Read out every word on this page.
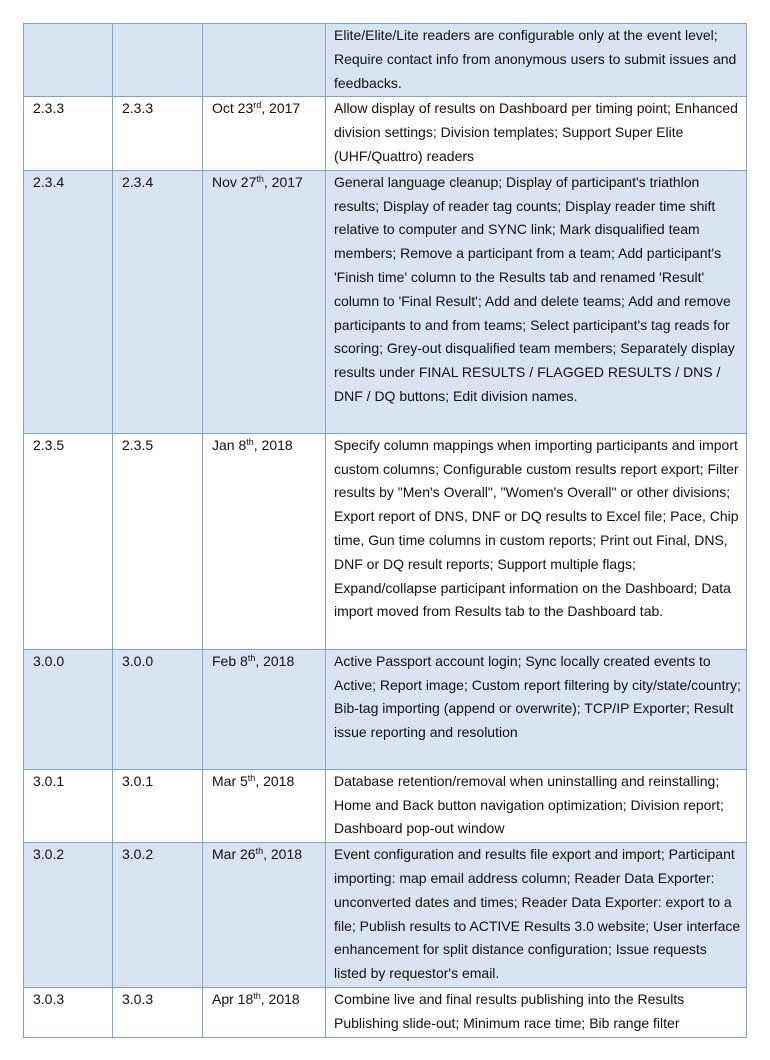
			Elite/Elite/Lite readers are configurable only at the event level; Require contact info from anonymous users to submit issues and feedbacks.
2.3.3	2.3.3	Oct 23rd, 2017	Allow display of results on Dashboard per timing point; Enhanced division settings; Division templates; Support Super Elite (UHF/Quattro) readers
2.3.4	2.3.4	Nov 27th, 2017	General language cleanup; Display of participant's triathlon results; Display of reader tag counts; Display reader time shift relative to computer and SYNC link; Mark disqualified team members; Remove a participant from a team; Add participant's 'Finish time' column to the Results tab and renamed 'Result' column to 'Final Result'; Add and delete teams; Add and remove participants to and from teams; Select participant's tag reads for scoring; Grey-out disqualified team members; Separately display results under FINAL RESULTS / FLAGGED RESULTS / DNS / DNF / DQ buttons; Edit division names.
2.3.5	2.3.5	Jan 8th, 2018	Specify column mappings when importing participants and import custom columns; Configurable custom results report export; Filter results by "Men's Overall", "Women's Overall" or other divisions; Export report of DNS, DNF or DQ results to Excel file; Pace, Chip time, Gun time columns in custom reports; Print out Final, DNS, DNF or DQ result reports; Support multiple flags; Expand/collapse participant information on the Dashboard; Data import moved from Results tab to the Dashboard tab.
3.0.0	3.0.0	Feb 8th, 2018	Active Passport account login; Sync locally created events to Active; Report image; Custom report filtering by city/state/country; Bib-tag importing (append or overwrite); TCP/IP Exporter; Result issue reporting and resolution
3.0.1	3.0.1	Mar 5th, 2018	Database retention/removal when uninstalling and reinstalling; Home and Back button navigation optimization; Division report; Dashboard pop-out window
3.0.2	3.0.2	Mar 26th, 2018	Event configuration and results file export and import; Participant importing: map email address column; Reader Data Exporter: unconverted dates and times; Reader Data Exporter: export to a file; Publish results to ACTIVE Results 3.0 website; User interface enhancement for split distance configuration; Issue requests listed by requestor's email.
3.0.3	3.0.3	Apr 18th, 2018	Combine live and final results publishing into the Results Publishing slide-out; Minimum race time; Bib range filter
